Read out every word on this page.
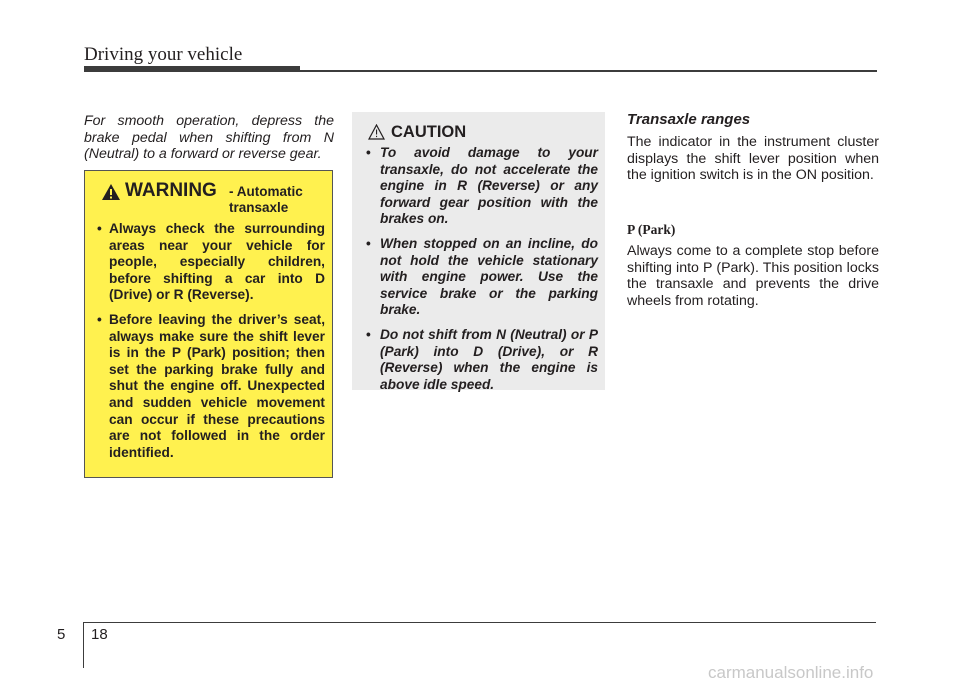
Driving your vehicle
For smooth operation, depress the brake pedal when shifting from N (Neutral) to a forward or reverse gear.
WARNING - Automatic transaxle
• Always check the surrounding areas near your vehicle for people, especially children, before shifting a car into D (Drive) or R (Reverse).
• Before leaving the driver’s seat, always make sure the shift lever is in the P (Park) position; then set the parking brake fully and shut the engine off. Unexpected and sudden vehicle movement can occur if these precautions are not followed in the order identified.
CAUTION
• To avoid damage to your transaxle, do not accelerate the engine in R (Reverse) or any forward gear position with the brakes on.
• When stopped on an incline, do not hold the vehicle stationary with engine power. Use the service brake or the parking brake.
• Do not shift from N (Neutral) or P (Park) into D (Drive), or R (Reverse) when the engine is above idle speed.
Transaxle ranges

The indicator in the instrument cluster displays the shift lever position when the ignition switch is in the ON position.

P (Park)

Always come to a complete stop before shifting into P (Park). This position locks the transaxle and prevents the drive wheels from rotating.

5 18
carmanualsonline.info
